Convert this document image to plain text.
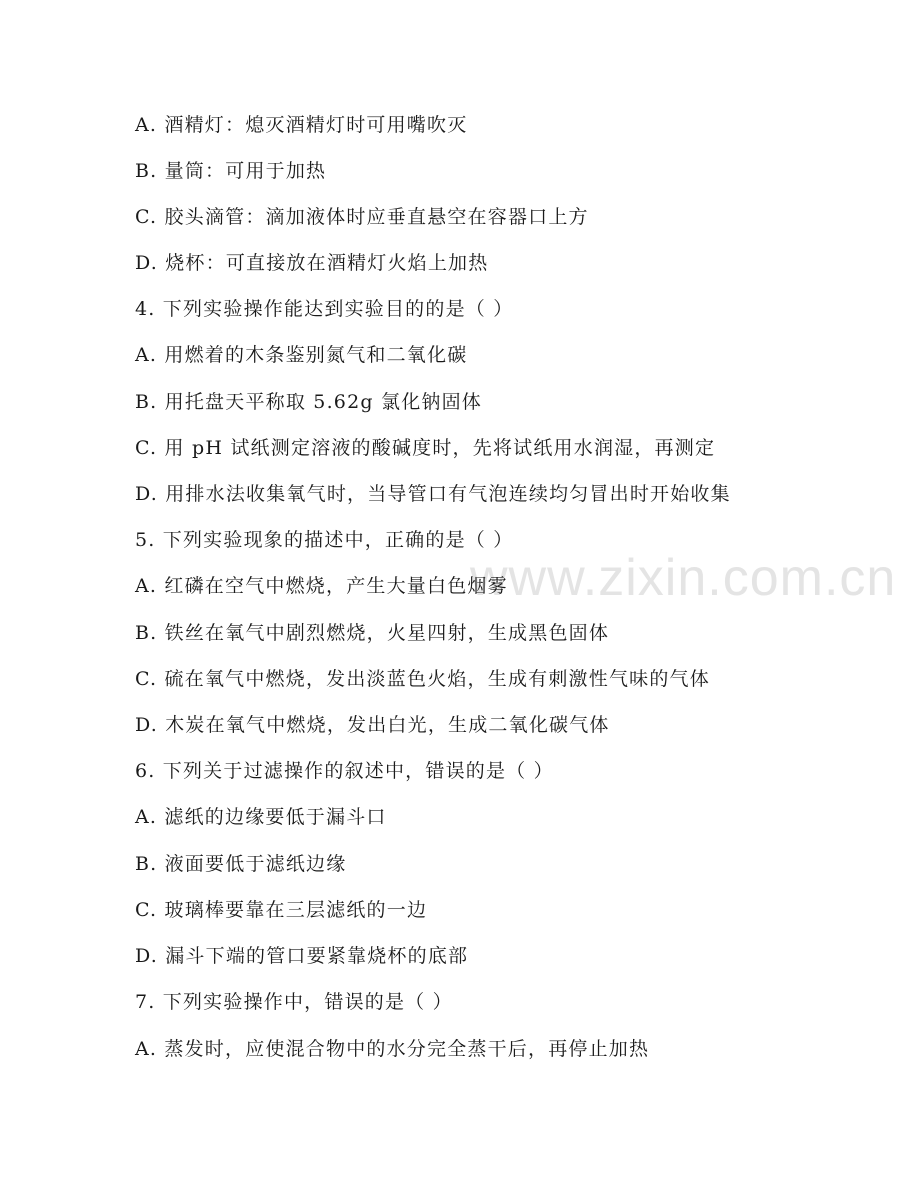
www.zixin.com.cn
A. 酒精灯：熄灭酒精灯时可用嘴吹灭
B. 量筒：可用于加热
C. 胶头滴管：滴加液体时应垂直悬空在容器口上方
D. 烧杯：可直接放在酒精灯火焰上加热
4. 下列实验操作能达到实验目的的是（ ）
A. 用燃着的木条鉴别氮气和二氧化碳
B. 用托盘天平称取 5.62g 氯化钠固体
C. 用 pH 试纸测定溶液的酸碱度时，先将试纸用水润湿，再测定
D. 用排水法收集氧气时，当导管口有气泡连续均匀冒出时开始收集
5. 下列实验现象的描述中，正确的是（ ）
A. 红磷在空气中燃烧，产生大量白色烟雾
B. 铁丝在氧气中剧烈燃烧，火星四射，生成黑色固体
C. 硫在氧气中燃烧，发出淡蓝色火焰，生成有刺激性气味的气体
D. 木炭在氧气中燃烧，发出白光，生成二氧化碳气体
6. 下列关于过滤操作的叙述中，错误的是（ ）
A. 滤纸的边缘要低于漏斗口
B. 液面要低于滤纸边缘
C. 玻璃棒要靠在三层滤纸的一边
D. 漏斗下端的管口要紧靠烧杯的底部
7. 下列实验操作中，错误的是（ ）
A. 蒸发时，应使混合物中的水分完全蒸干后，再停止加热
